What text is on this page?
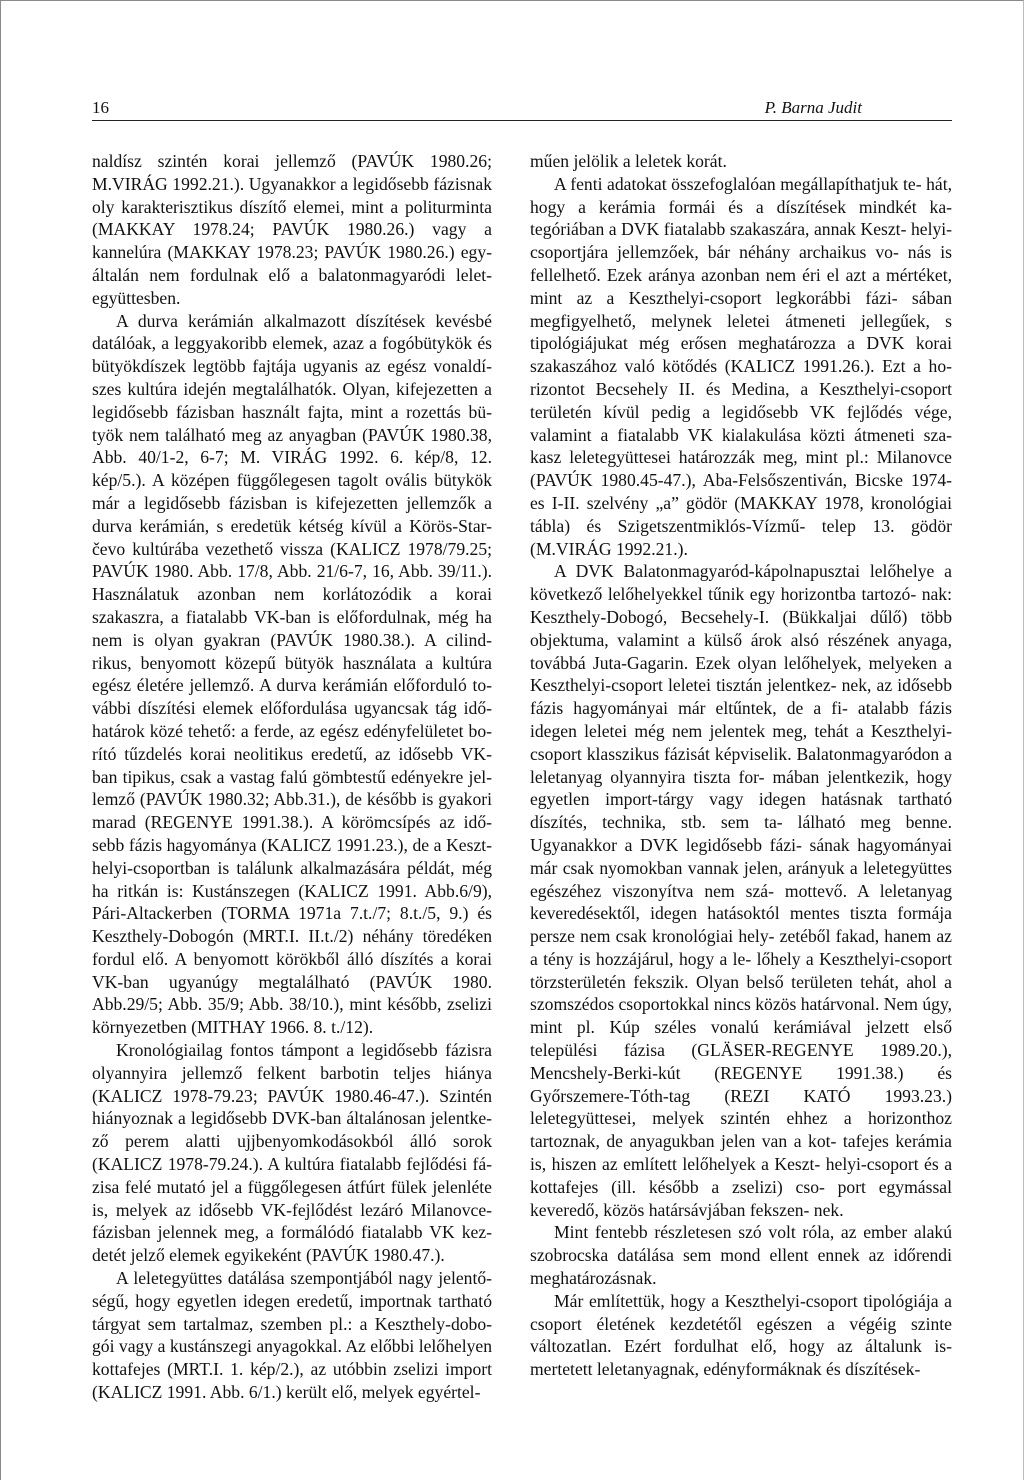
16	P. Barna Judit

naldísz szintén korai jellemző (PAVÚK 1980.26; M.VIRÁG 1992.21.). Ugyanakkor a legidősebb fázisnak oly karakterisztikus díszítő elemei, mint a politurminta (MAKKAY 1978.24; PAVÚK 1980.26.) vagy a kannelúra (MAKKAY 1978.23; PAVÚK 1980.26.) egy- általán nem fordulnak elő a balatonmagyaródi lelet- együttesben.

A durva kerámián alkalmazott díszítések kevésbé datálóak, a leggyakoribb elemek, azaz a fogóbütykök és bütyökdíszek legtöbb fajtája ugyanis az egész vonaldí- szes kultúra idején megtalálhatók. Olyan, kifejezetten a legidősebb fázisban használt fajta, mint a rozettás bü- työk nem található meg az anyagban (PAVÚK 1980.38, Abb. 40/1-2, 6-7; M. VIRÁG 1992. 6. kép/8, 12. kép/5.). A középen függőlegesen tagolt ovális bütykök már a legidősebb fázisban is kifejezetten jellemzők a durva kerámián, s eredetük kétség kívül a Körös-Star- čevo kultúrába vezethető vissza (KALICZ 1978/79.25; PAVÚK 1980. Abb. 17/8, Abb. 21/6-7, 16, Abb. 39/11.). Használatuk azonban nem korlátozódik a korai szakaszra, a fiatalabb VK-ban is előfordulnak, még ha nem is olyan gyakran (PAVÚK 1980.38.). A cilind- rikus, benyomott közepű bütyök használata a kultúra egész életére jellemző. A durva kerámián előforduló to- vábbi díszítési elemek előfordulása ugyancsak tág idő- határok közé tehető: a ferde, az egész edényfelületet bo- rító tűzdelés korai neolitikus eredetű, az idősebb VK- ban tipikus, csak a vastag falú gömbtestű edényekre jel- lemző (PAVÚK 1980.32; Abb.31.), de később is gyakori marad (REGENYE 1991.38.). A körömcsípés az idő- sebb fázis hagyománya (KALICZ 1991.23.), de a Keszt- helyi-csoportban is találunk alkalmazására példát, még ha ritkán is: Kustánszegen (KALICZ 1991. Abb.6/9), Pári-Altackerben (TORMA 1971a 7.t./7; 8.t./5, 9.) és Keszthely-Dobogón (MRT.I. II.t./2) néhány töredéken fordul elő. A benyomott körökből álló díszítés a korai VK-ban ugyanúgy megtalálható (PAVÚK 1980. Abb.29/5; Abb. 35/9; Abb. 38/10.), mint később, zselizi környezetben (MITHAY 1966. 8. t./12).

Kronológiailag fontos támpont a legidősebb fázisra olyannyira jellemző felkent barbotin teljes hiánya (KALICZ 1978-79.23; PAVÚK 1980.46-47.). Szintén hiányoznak a legidősebb DVK-ban általánosan jelentke- ző perem alatti ujjbenyomkodásokból álló sorok (KALICZ 1978-79.24.). A kultúra fiatalabb fejlődési fá- zisa felé mutató jel a függőlegesen átfúrt fülek jelenléte is, melyek az idősebb VK-fejlődést lezáró Milanovce- fázisban jelennek meg, a formálódó fiatalabb VK kez- detét jelző elemek egyikeként (PAVÚK 1980.47.).

A leletegyüttes datálása szempontjából nagy jelentő- ségű, hogy egyetlen idegen eredetű, importnak tartható tárgyat sem tartalmaz, szemben pl.: a Keszthely-dobo- gói vagy a kustánszegi anyagokkal. Az előbbi lelőhelyen kottafejes (MRT.I. 1. kép/2.), az utóbbin zselizi import (KALICZ 1991. Abb. 6/1.) került elő, melyek egyértel-

műen jelölik a leletek korát.

A fenti adatokat összefoglalóan megállapíthatjuk te- hát, hogy a kerámia formái és a díszítések mindkét ka- tegóriában a DVK fiatalabb szakaszára, annak Keszt- helyi-csoportjára jellemzőek, bár néhány archaikus vo- nás is fellelhető. Ezek aránya azonban nem éri el azt a mértéket, mint az a Keszthelyi-csoport legkorábbi fázi- sában megfigyelhető, melynek leletei átmeneti jellegűek, s tipológiájukat még erősen meghatározza a DVK korai szakaszához való kötődés (KALICZ 1991.26.). Ezt a ho- rizontot Becsehely II. és Medina, a Keszthelyi-csoport területén kívül pedig a legidősebb VK fejlődés vége, valamint a fiatalabb VK kialakulása közti átmeneti sza- kasz leletegyüttesei határozzák meg, mint pl.: Milanovce (PAVÚK 1980.45-47.), Aba-Felsőszentiván, Bicske 1974-es I-II. szelvény „a” gödör (MAKKAY 1978, kronológiai tábla) és Szigetszentmiklós-Vízmű- telep 13. gödör (M.VIRÁG 1992.21.).

A DVK Balatonmagyaród-kápolnapusztai lelőhelye a következő lelőhelyekkel tűnik egy horizontba tartozó- nak: Keszthely-Dobogó, Becsehely-I. (Bükkaljai dűlő) több objektuma, valamint a külső árok alsó részének anyaga, továbbá Juta-Gagarin. Ezek olyan lelőhelyek, melyeken a Keszthelyi-csoport leletei tisztán jelentkez- nek, az idősebb fázis hagyományai már eltűntek, de a fi- atalabb fázis idegen leletei még nem jelentek meg, tehát a Keszthelyi-csoport klasszikus fázisát képviselik. Balatonmagyaródon a leletanyag olyannyira tiszta for- mában jelentkezik, hogy egyetlen import-tárgy vagy idegen hatásnak tartható díszítés, technika, stb. sem ta- lálható meg benne. Ugyanakkor a DVK legidősebb fázi- sának hagyományai már csak nyomokban vannak jelen, arányuk a leletegyüttes egészéhez viszonyítva nem szá- mottevő. A leletanyag keveredésektől, idegen hatásoktól mentes tiszta formája persze nem csak kronológiai hely- zetéből fakad, hanem az a tény is hozzájárul, hogy a le- lőhely a Keszthelyi-csoport törzsterületén fekszik. Olyan belső területen tehát, ahol a szomszédos csoportokkal nincs közös határvonal. Nem úgy, mint pl. Kúp széles vonalú kerámiával jelzett első települési fázisa (GLÄSER-REGENYE 1989.20.), Mencshely-Berki-kút (REGENYE 1991.38.) és Győrszemere-Tóth-tag (REZI KATÓ 1993.23.) leletegyüttesei, melyek szintén ehhez a horizonthoz tartoznak, de anyagukban jelen van a kot- tafejes kerámia is, hiszen az említett lelőhelyek a Keszt- helyi-csoport és a kottafejes (ill. később a zselizi) cso- port egymással keveredő, közös határsávjában fekszen- nek.

Mint fentebb részletesen szó volt róla, az ember alakú szobrocska datálása sem mond ellent ennek az időrendi meghatározásnak.

Már említettük, hogy a Keszthelyi-csoport tipológiája a csoport életének kezdetétől egészen a végéig szinte változatlan. Ezért fordulhat elő, hogy az általunk is- mertetett leletanyagnak, edényformáknak és díszítések-
